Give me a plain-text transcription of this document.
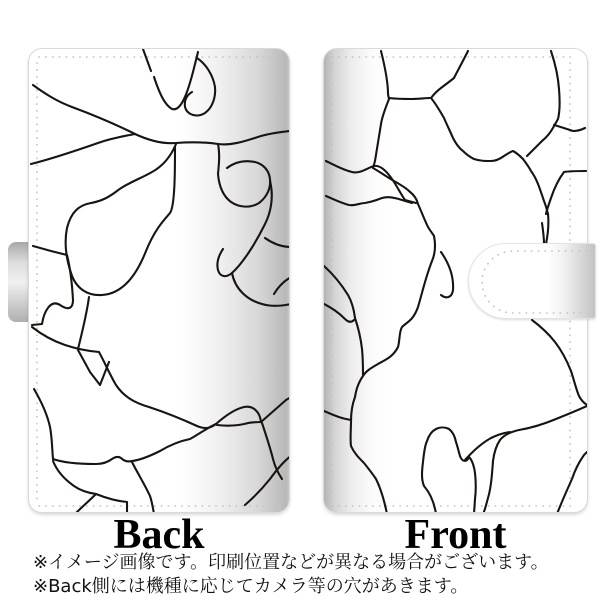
Back	Front
※イメージ画像です。印刷位置などが異なる場合がございます。
※Back側には機種に応じてカメラ等の穴があきます。
